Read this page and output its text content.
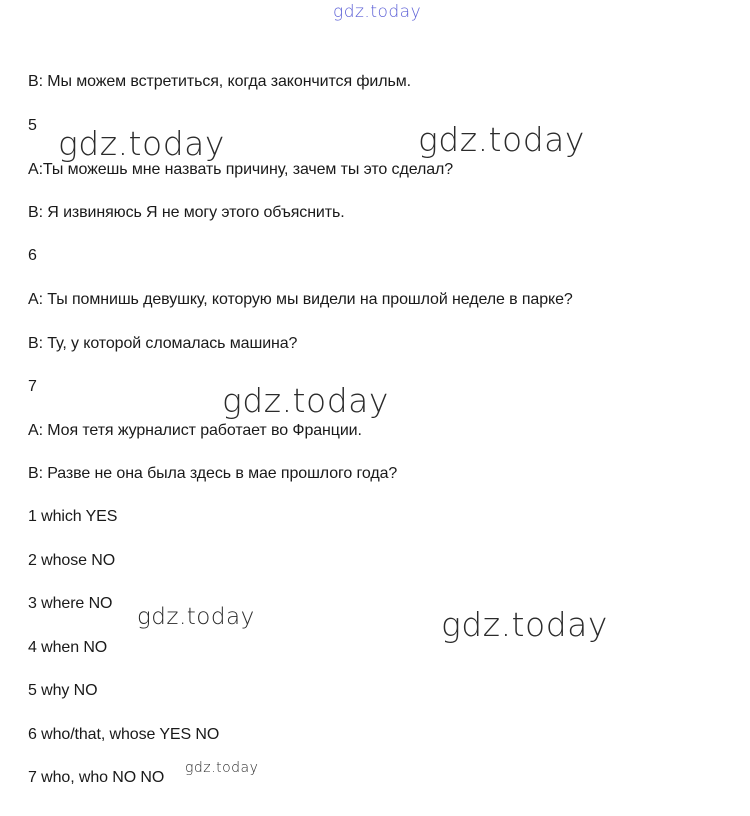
gdz.today
B: Мы можем встретиться, когда закончится фильм.
5
А:Ты можешь мне назвать причину, зачем ты это сделал?
B: Я извиняюсь Я не могу этого объяснить.
6
А: Ты помнишь девушку, которую мы видели на прошлой неделе в парке?
B: Ту, у которой сломалась машина?
7
А: Моя тетя журналист работает во Франции.
B: Разве не она была здесь в мае прошлого года?
1 which YES
2 whose NO
3 where NO
4 when NO
5 why NO
6 who/that, whose YES NO
7 who, who NO NO
gdz.today	gdz.today
gdz.today
gdz.today	gdz.today
gdz.today
